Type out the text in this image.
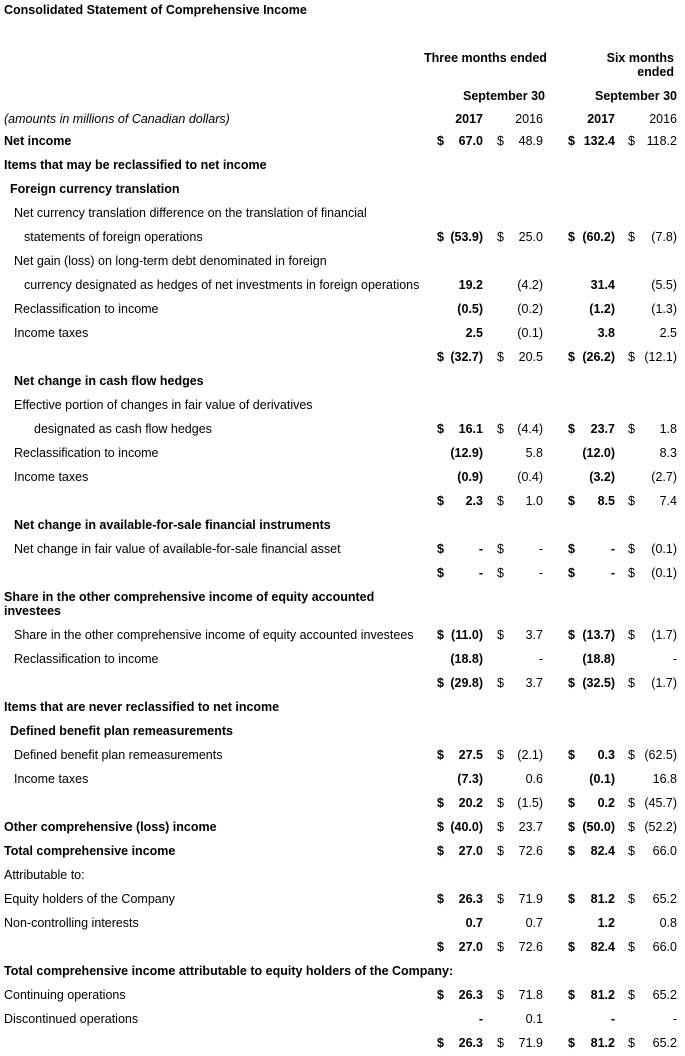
Consolidated Statement of Comprehensive Income
Three months ended	Six months
ended
September 30	September 30
(amounts in millions of Canadian dollars)	2017	2016	2017	2016
Share in the other comprehensive income of equity accounted investees
Net income	$ 67.0 $ 48.9 $ 132.4 $ 118.2
Items that may be reclassified to net income
Foreign currency translation
Net currency translation difference on the translation of financial
statements of foreign operations	$ (53.9) $ 25.0 $ (60.2) $ (7.8)
Net gain (loss) on long-term debt denominated in foreign
currency designated as hedges of net investments in foreign operations	19.2	(4.2)	31.4	(5.5)
Reclassification to income	(0.5)	(0.2)	(1.2)	(1.3)
Income taxes	2.5	(0.1)	3.8	2.5
$ (32.7) $ 20.5 $ (26.2) $ (12.1)
Net change in cash flow hedges
Effective portion of changes in fair value of derivatives
designated as cash flow hedges	$ 16.1 $ (4.4) $ 23.7 $ 1.8
Reclassification to income	(12.9)	5.8	(12.0)	8.3
Income taxes	(0.9)	(0.4)	(3.2)	(2.7)
$ 2.3 $ 1.0 $ 8.5 $ 7.4
Net change in available-for-sale financial instruments
Net change in fair value of available-for-sale financial asset	$	- $	- $	- $ (0.1)
$	- $	- $	- $ (0.1)
Share in the other comprehensive income of equity accounted investees $ (11.0) $ 3.7 $ (13.7) $ (1.7)
Reclassification to income	(18.8)	-	(18.8)	-
$ (29.8) $ 3.7 $ (32.5) $ (1.7)
Items that are never reclassified to net income
Defined benefit plan remeasurements
Defined benefit plan remeasurements	$ 27.5 $ (2.1) $ 0.3 $ (62.5)
Income taxes	(7.3)	0.6	(0.1)	16.8
$ 20.2 $ (1.5) $ 0.2 $ (45.7)
Other comprehensive (loss) income	$ (40.0) $ 23.7 $ (50.0) $ (52.2)
Total comprehensive income	$ 27.0 $ 72.6 $ 82.4 $ 66.0
Attributable to:
Equity holders of the Company	$ 26.3 $ 71.9 $ 81.2 $ 65.2
Non-controlling interests	0.7	0.7	1.2	0.8
$ 27.0 $ 72.6 $ 82.4 $ 66.0
Total comprehensive income attributable to equity holders of the Company:
Continuing operations	$ 26.3 $ 71.8 $ 81.2 $ 65.2
Discontinued operations	-	0.1	-	-
$ 26.3 $ 71.9 $ 81.2 $ 65.2
